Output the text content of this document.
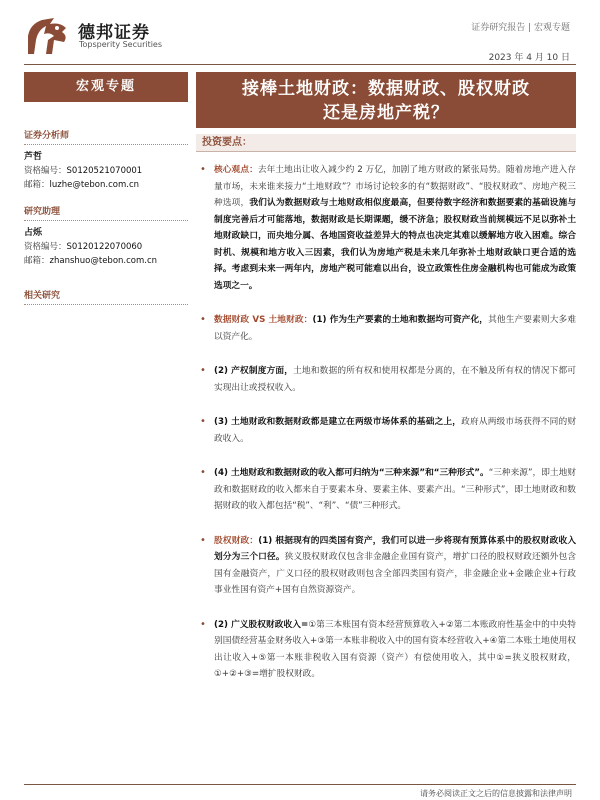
德邦证券
Topsperity Securities
证券研究报告 | 宏观专题
2023 年 4 月 10 日
宏观专题
证券分析师
芦哲
资格编号：S0120521070001
邮箱：luzhe@tebon.com.cn
研究助理
占烁
资格编号：S0120122070060
邮箱：zhanshuo@tebon.com.cn
相关研究
接棒土地财政：数据财政、股权财政
还是房地产税？
投资要点：
• 核心观点：去年土地出让收入减少约 2 万亿，加剧了地方财政的紧张局势。随着房地产进入存量市场，未来谁来接力“土地财政”？市场讨论较多的有“数据财政”、“股权财政”、房地产税三种选项，我们认为数据财政与土地财政相似度最高，但要待数字经济和数据要素的基础设施与制度完善后才可能落地，数据财政是长期课题，缓不济急；股权财政当前规模远不足以弥补土地财政缺口，而央地分属、各地国资收益差异大的特点也决定其难以缓解地方收入困难。综合时机、规模和地方收入三因素，我们认为房地产税是未来几年弥补土地财政缺口更合适的选择。考虑到未来一两年内，房地产税可能难以出台，设立政策性住房金融机构也可能成为政策选项之一。
• 数据财政 VS 土地财政：(1) 作为生产要素的土地和数据均可资产化，其他生产要素则大多难以资产化。
• (2) 产权制度方面，土地和数据的所有权和使用权都是分离的，在不触及所有权的情况下都可实现出让或授权收入。
• (3) 土地财政和数据财政都是建立在两级市场体系的基础之上，政府从两级市场获得不同的财政收入。
• (4) 土地财政和数据财政的收入都可归纳为“三种来源”和“三种形式”。“三种来源”，即土地财政和数据财政的收入都来自于要素本身、要素主体、要素产出。“三种形式”，即土地财政和数据财政的收入都包括“税”、“利”、“债”三种形式。
• 股权财政：(1) 根据现有的四类国有资产，我们可以进一步将现有预算体系中的股权财政收入划分为三个口径。狭义股权财政仅包含非金融企业国有资产，增扩口径的股权财政还额外包含国有金融资产，广义口径的股权财政则包含全部四类国有资产，非金融企业+金融企业+行政事业性国有资产+国有自然资源资产。
• (2) 广义股权财政收入=①第三本账国有资本经营预算收入+②第二本账政府性基金中的中央特别国债经营基金财务收入+③第一本账非税收入中的国有资本经营收入+④第二本账土地使用权出让收入+⑤第一本账非税收入国有资源（资产）有偿使用收入，其中①=狭义股权财政，①+②+③=增扩股权财政。
请务必阅读正文之后的信息披露和法律声明
